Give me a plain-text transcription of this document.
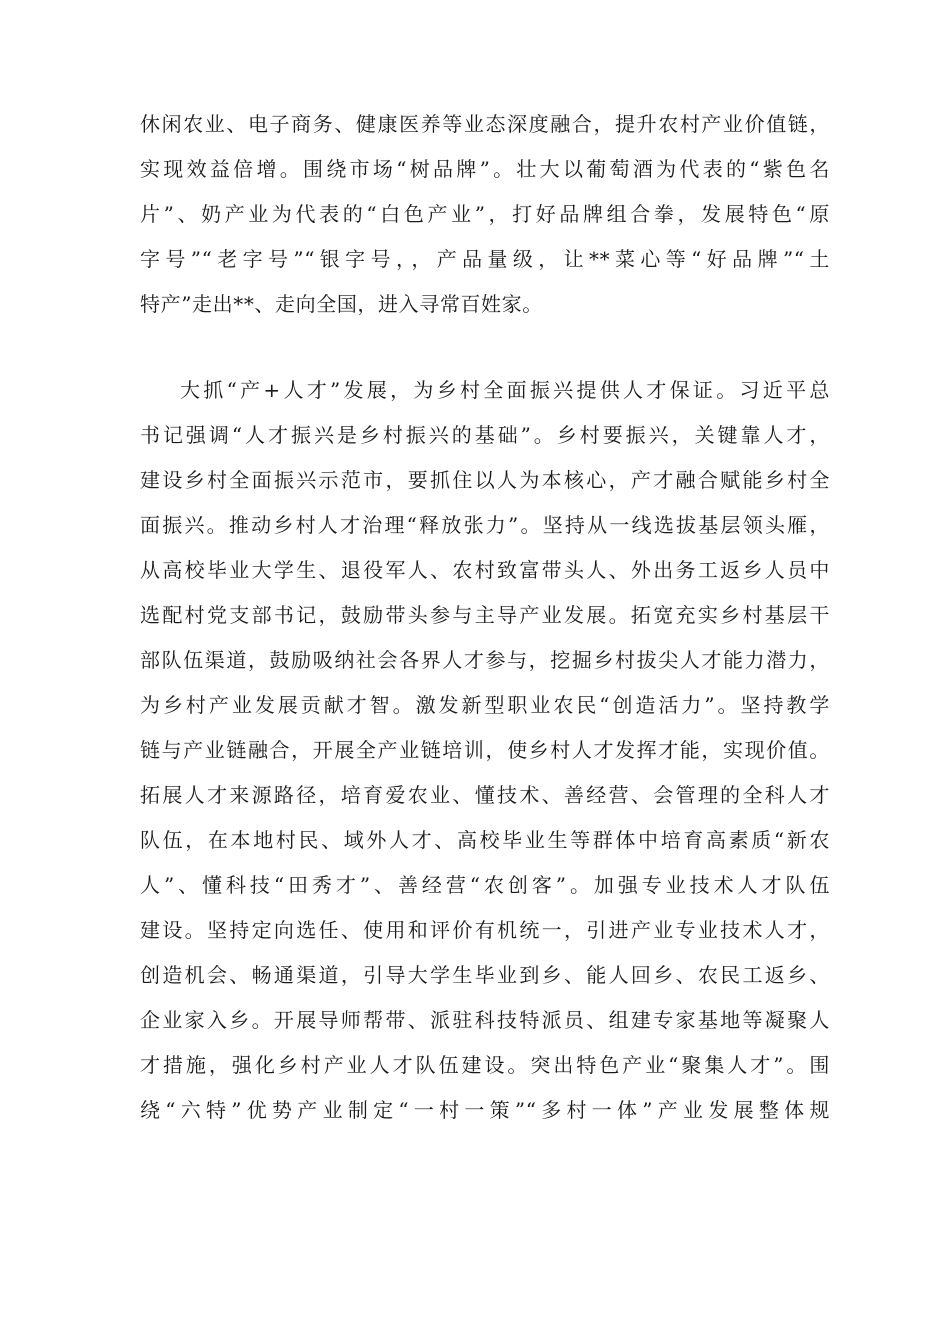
休闲农业、电子商务、健康医养等业态深度融合，提升农村产业价值链，
实现效益倍增。围绕市场“树品牌”。壮大以葡萄酒为代表的“紫色名
片”、奶产业为代表的“白色产业”，打好品牌组合拳，发展特色“原
字号”“老字号”“银字号，，产品量级，让**菜心等“好品牌”“土
特产”走出**、走向全国，进入寻常百姓家。
大抓“产+人才”发展，为乡村全面振兴提供人才保证。习近平总
书记强调“人才振兴是乡村振兴的基础”。乡村要振兴，关键靠人才，
建设乡村全面振兴示范市，要抓住以人为本核心，产才融合赋能乡村全
面振兴。推动乡村人才治理“释放张力”。坚持从一线选拔基层领头雁，
从高校毕业大学生、退役军人、农村致富带头人、外出务工返乡人员中
选配村党支部书记，鼓励带头参与主导产业发展。拓宽充实乡村基层干
部队伍渠道，鼓励吸纳社会各界人才参与，挖掘乡村拔尖人才能力潜力，
为乡村产业发展贡献才智。激发新型职业农民“创造活力”。坚持教学
链与产业链融合，开展全产业链培训，使乡村人才发挥才能，实现价值。
拓展人才来源路径，培育爱农业、懂技术、善经营、会管理的全科人才
队伍，在本地村民、域外人才、高校毕业生等群体中培育高素质“新农
人”、懂科技“田秀才”、善经营“农创客”。加强专业技术人才队伍
建设。坚持定向选任、使用和评价有机统一，引进产业专业技术人才，
创造机会、畅通渠道，引导大学生毕业到乡、能人回乡、农民工返乡、
企业家入乡。开展导师帮带、派驻科技特派员、组建专家基地等凝聚人
才措施，强化乡村产业人才队伍建设。突出特色产业“聚集人才”。围
绕“六特”优势产业制定“一村一策”“多村一体”产业发展整体规
